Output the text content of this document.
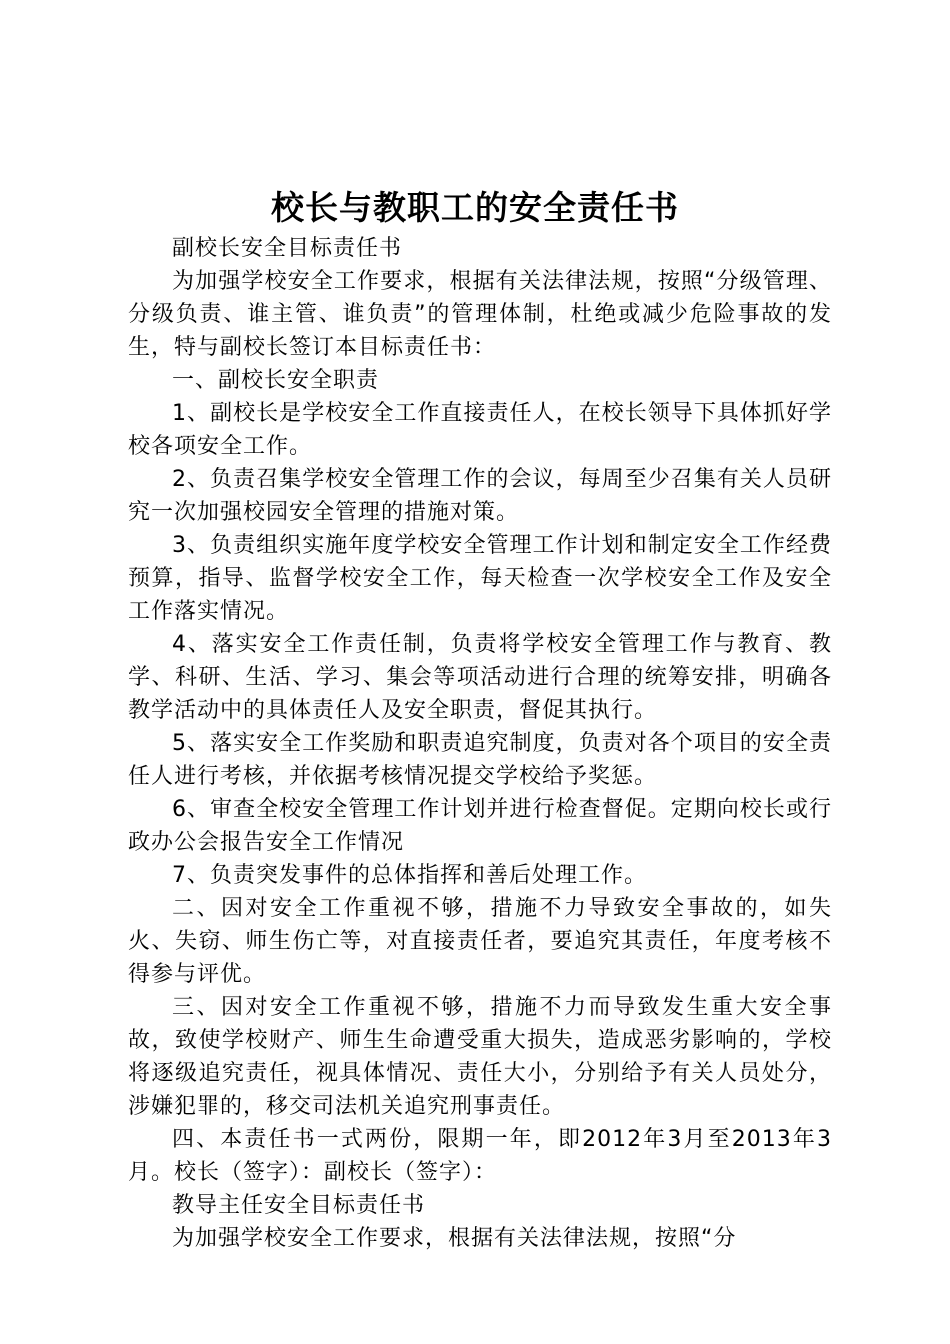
校长与教职工的安全责任书

副校长安全目标责任书

为加强学校安全工作要求，根据有关法律法规，按照“分级管理、分级负责、谁主管、谁负责”的管理体制，杜绝或减少危险事故的发生，特与副校长签订本目标责任书：

一、副校长安全职责

1、副校长是学校安全工作直接责任人，在校长领导下具体抓好学校各项安全工作。

2、负责召集学校安全管理工作的会议，每周至少召集有关人员研究一次加强校园安全管理的措施对策。

3、负责组织实施年度学校安全管理工作计划和制定安全工作经费预算，指导、监督学校安全工作，每天检查一次学校安全工作及安全工作落实情况。

4、落实安全工作责任制，负责将学校安全管理工作与教育、教学、科研、生活、学习、集会等项活动进行合理的统筹安排，明确各教学活动中的具体责任人及安全职责，督促其执行。

5、落实安全工作奖励和职责追究制度，负责对各个项目的安全责任人进行考核，并依据考核情况提交学校给予奖惩。

6、审查全校安全管理工作计划并进行检查督促。定期向校长或行政办公会报告安全工作情况

7、负责突发事件的总体指挥和善后处理工作。

二、因对安全工作重视不够，措施不力导致安全事故的，如失火、失窃、师生伤亡等，对直接责任者，要追究其责任，年度考核不得参与评优。

三、因对安全工作重视不够，措施不力而导致发生重大安全事故，致使学校财产、师生生命遭受重大损失，造成恶劣影响的，学校将逐级追究责任，视具体情况、责任大小，分别给予有关人员处分，涉嫌犯罪的，移交司法机关追究刑事责任。

四、本责任书一式两份，限期一年，即2012年3月至2013年3月。校长（签字）：副校长（签字）：

教导主任安全目标责任书

为加强学校安全工作要求，根据有关法律法规，按照“分
